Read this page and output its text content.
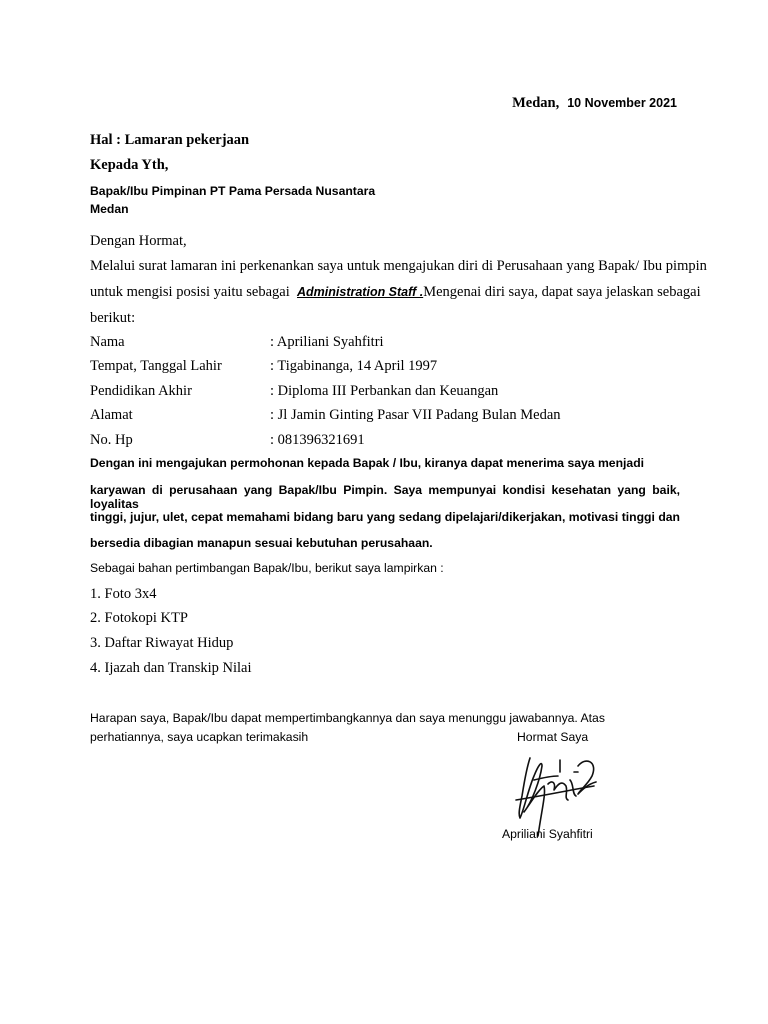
Medan, 10 November 2021
Hal : Lamaran pekerjaan
Kepada Yth,
Bapak/Ibu Pimpinan PT Pama Persada Nusantara
Medan
Dengan Hormat,
Melalui surat lamaran ini perkenankan saya untuk mengajukan diri di Perusahaan yang Bapak/ Ibu pimpin
untuk mengisi posisi yaitu sebagai Administration Staff .Mengenai diri saya, dapat saya jelaskan sebagai
berikut:
Nama	: Apriliani Syahfitri
Tempat, Tanggal Lahir	: Tigabinanga, 14 April 1997
Pendidikan Akhir	: Diploma III Perbankan dan Keuangan
Alamat	: Jl Jamin Ginting Pasar VII Padang Bulan Medan
No. Hp	: 081396321691
Dengan ini mengajukan permohonan kepada Bapak / Ibu, kiranya dapat menerima saya menjadi
karyawan di perusahaan yang Bapak/Ibu Pimpin. Saya mempunyai kondisi kesehatan yang baik, loyalitas
tinggi, jujur, ulet, cepat memahami bidang baru yang sedang dipelajari/dikerjakan, motivasi tinggi dan
bersedia dibagian manapun sesuai kebutuhan perusahaan.
Sebagai bahan pertimbangan Bapak/Ibu, berikut saya lampirkan :
1. Foto 3x4
2. Fotokopi KTP
3. Daftar Riwayat Hidup
4. Ijazah dan Transkip Nilai
Harapan saya, Bapak/Ibu dapat mempertimbangkannya dan saya menunggu jawabannya. Atas
perhatiannya, saya ucapkan terimakasih	Hormat Saya
Apriliani Syahfitri
